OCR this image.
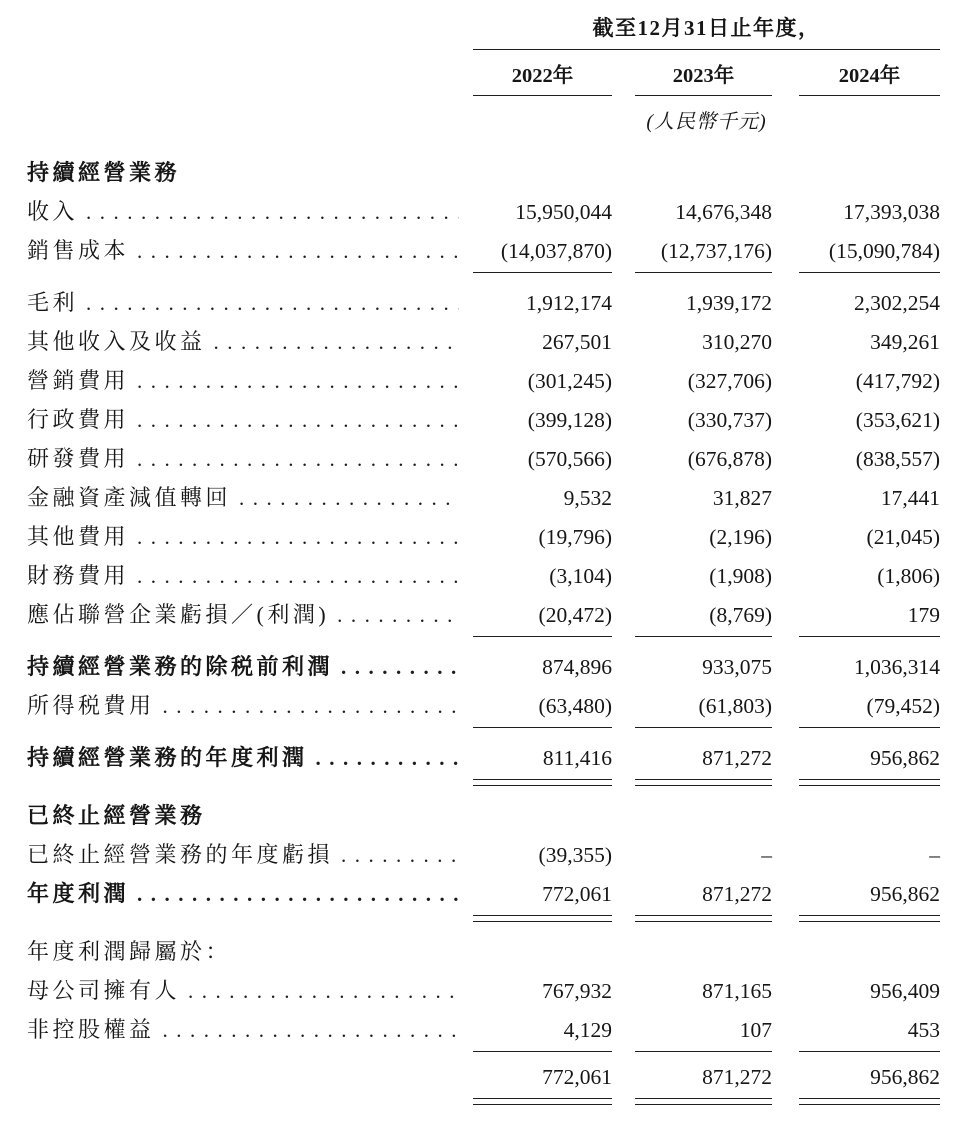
截至12月31日止年度，
2022年	2023年	2024年
(人民幣千元)
持續經營業務
收入 .....	15,950,044	14,676,348	17,393,038
銷售成本 .....	(14,037,870)	(12,737,176)	(15,090,784)
毛利 .....	1,912,174	1,939,172	2,302,254
其他收入及收益 .....	267,501	310,270	349,261
營銷費用 .....	(301,245)	(327,706)	(417,792)
行政費用 .....	(399,128)	(330,737)	(353,621)
研發費用 .....	(570,566)	(676,878)	(838,557)
金融資產減值轉回 .....	9,532	31,827	17,441
其他費用 .....	(19,796)	(2,196)	(21,045)
財務費用 .....	(3,104)	(1,908)	(1,806)
應佔聯營企業虧損／(利潤) .....	(20,472)	(8,769)	179
持續經營業務的除税前利潤 .....	874,896	933,075	1,036,314
所得税費用 .....	(63,480)	(61,803)	(79,452)
持續經營業務的年度利潤 .....	811,416	871,272	956,862
已終止經營業務
已終止經營業務的年度虧損 .....	(39,355)	–	–
年度利潤 .....	772,061	871,272	956,862
年度利潤歸屬於：
母公司擁有人 .....	767,932	871,165	956,409
非控股權益 .....	4,129	107	453
772,061	871,272	956,862
